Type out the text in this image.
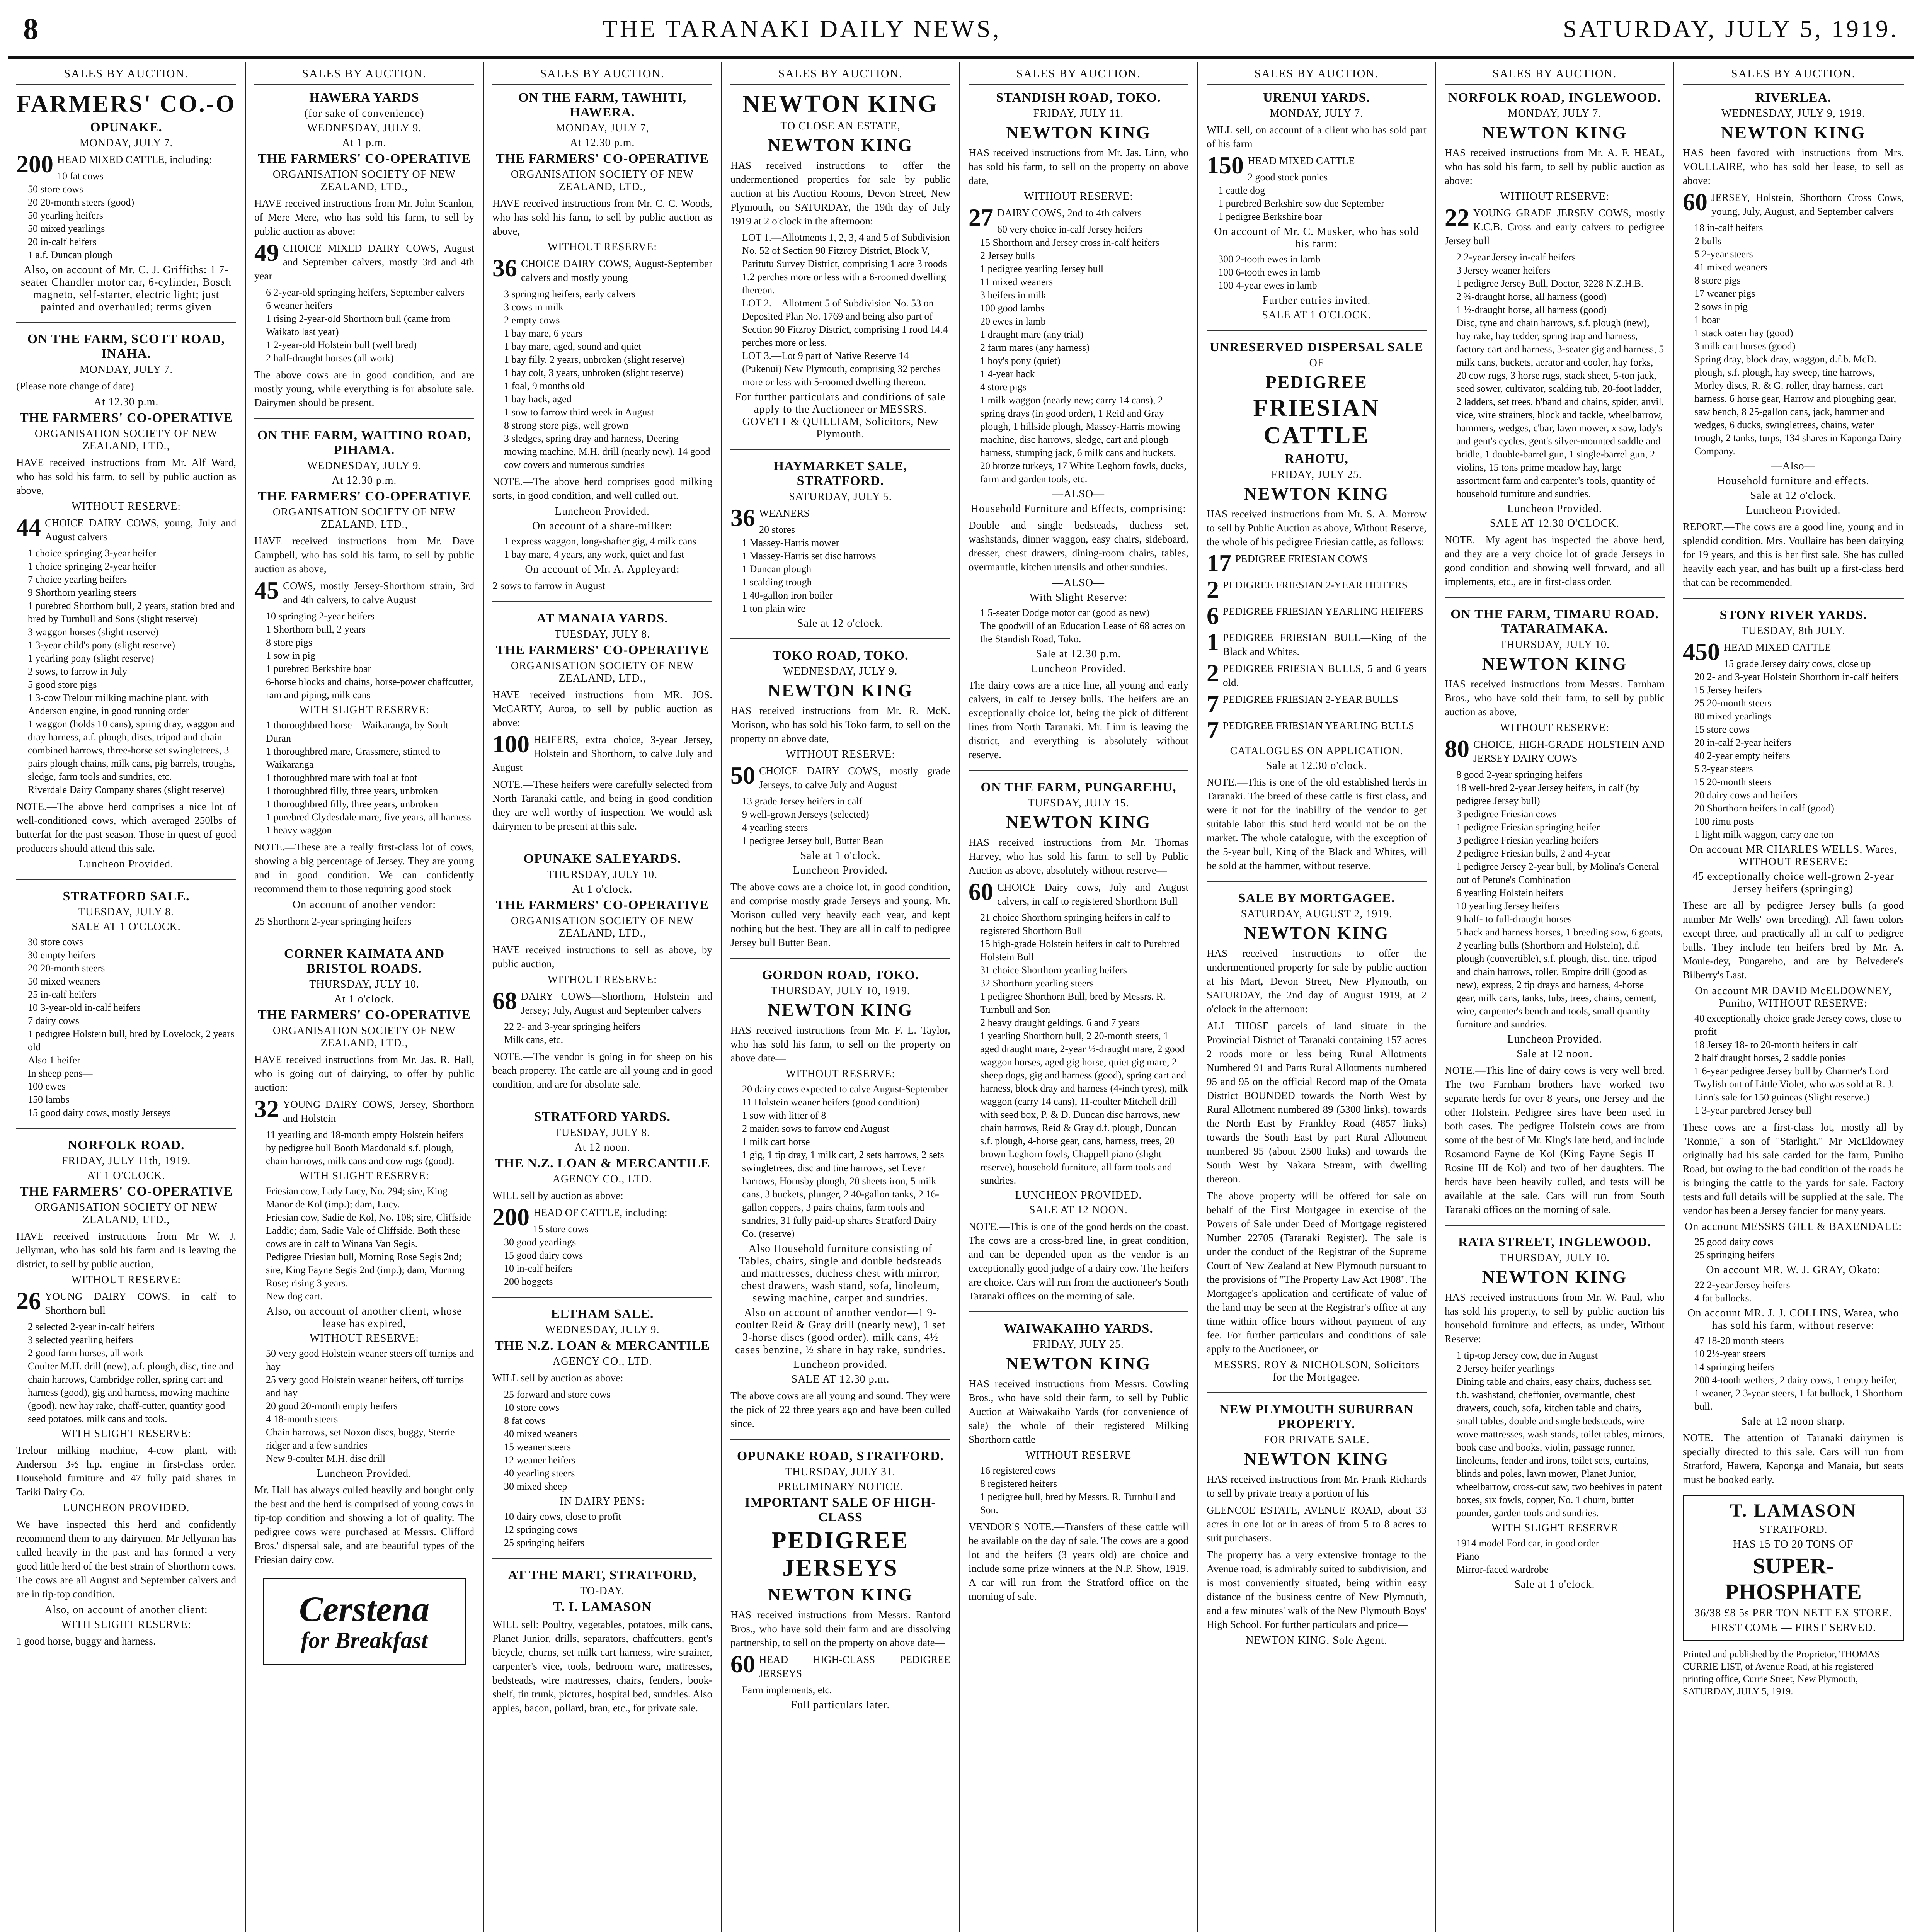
8	THE TARANAKI DAILY NEWS,	SATURDAY, JULY 5, 1919.
SALES BY AUCTION.
FARMERS' CO.-O
OPUNAKE.
MONDAY, JULY 7.
200 HEAD MIXED CATTLE, including:
10 fat cows
50 store cows
20 20-month steers (good)
50 yearling heifers
50 mixed yearlings
20 in-calf heifers
1 a.f. Duncan plough
Also, on account of Mr. C. J. Griffiths: 1 7-seater Chandler motor car, 6-cylinder, Bosch magneto, self-starter, electric light; just painted and overhauled; terms given
ON THE FARM, SCOTT ROAD, INAHA.
MONDAY, JULY 7.
(Please note change of date)
At 12.30 p.m.
THE FARMERS' CO-OPERATIVE
ORGANISATION SOCIETY OF NEW ZEALAND, LTD.,
HAVE received instructions from Mr. Alf Ward, who has sold his farm, to sell by public auction as above,
WITHOUT RESERVE:
44 CHOICE DAIRY COWS, young, July and August calvers
1 choice springing 3-year heifer
1 choice springing 2-year heifer
7 choice yearling heifers
9 Shorthorn yearling steers
1 purebred Shorthorn bull, 2 years, station bred and bred by Turnbull and Sons (slight reserve)
3 waggon horses (slight reserve)
1 3-year child's pony (slight reserve)
1 yearling pony (slight reserve)
2 sows, to farrow in July
5 good store pigs
1 3-cow Trelour milking machine plant, with Anderson engine, in good running order
1 waggon (holds 10 cans), spring dray, waggon and dray harness, a.f. plough, discs, tripod and chain combined harrows, three-horse set swingletrees, 3 pairs plough chains, milk cans, pig barrels, troughs, sledge, farm tools and sundries, etc.
Riverdale Dairy Company shares (slight reserve)
NOTE.—The above herd comprises a nice lot of well-conditioned cows, which averaged 250lbs of butterfat for the past season. Those in quest of good producers should attend this sale.
Luncheon Provided.
STRATFORD SALE.
TUESDAY, JULY 8.
SALE AT 1 O'CLOCK.
30 store cows
30 empty heifers
20 20-month steers
50 mixed weaners
25 in-calf heifers
10 3-year-old in-calf heifers
7 dairy cows
1 pedigree Holstein bull, bred by Lovelock, 2 years old
Also 1 heifer
In sheep pens—
100 ewes
150 lambs
15 good dairy cows, mostly Jerseys
NORFOLK ROAD.
FRIDAY, JULY 11th, 1919.
AT 1 O'CLOCK.
THE FARMERS' CO-OPERATIVE
ORGANISATION SOCIETY OF NEW ZEALAND, LTD.,
HAVE received instructions from Mr W. J. Jellyman, who has sold his farm and is leaving the district, to sell by public auction,
WITHOUT RESERVE:
26 YOUNG DAIRY COWS, in calf to Shorthorn bull
2 selected 2-year in-calf heifers
3 selected yearling heifers
2 good farm horses, all work
Coulter M.H. drill (new), a.f. plough, disc, tine and chain harrows, Cambridge roller, spring cart and harness (good), gig and harness, mowing machine (good), new hay rake, chaff-cutter, quantity good seed potatoes, milk cans and tools.
WITH SLIGHT RESERVE:
Trelour milking machine, 4-cow plant, with Anderson 3½ h.p. engine in first-class order. Household furniture and 47 fully paid shares in Tariki Dairy Co.
LUNCHEON PROVIDED.
We have inspected this herd and confidently recommend them to any dairymen. Mr Jellyman has culled heavily in the past and has formed a very good little herd of the best strain of Shorthorn cows. The cows are all August and September calvers and are in tip-top condition.
Also, on account of another client:
WITH SLIGHT RESERVE:
1 good horse, buggy and harness.
SALES BY AUCTION.
HAWERA YARDS
(for sake of convenience)
WEDNESDAY, JULY 9.
At 1 p.m.
THE FARMERS' CO-OPERATIVE
ORGANISATION SOCIETY OF NEW ZEALAND, LTD.,
HAVE received instructions from Mr. John Scanlon, of Mere Mere, who has sold his farm, to sell by public auction as above:
49 CHOICE MIXED DAIRY COWS, August and September calvers, mostly 3rd and 4th year
6 2-year-old springing heifers, September calvers
6 weaner heifers
1 rising 2-year-old Shorthorn bull (came from Waikato last year)
1 2-year-old Holstein bull (well bred)
2 half-draught horses (all work)
The above cows are in good condition, and are mostly young, while everything is for absolute sale. Dairymen should be present.
ON THE FARM, WAITINO ROAD, PIHAMA.
WEDNESDAY, JULY 9.
At 12.30 p.m.
THE FARMERS' CO-OPERATIVE
ORGANISATION SOCIETY OF NEW ZEALAND, LTD.,
HAVE received instructions from Mr. Dave Campbell, who has sold his farm, to sell by public auction as above,
45 COWS, mostly Jersey-Shorthorn strain, 3rd and 4th calvers, to calve August
10 springing 2-year heifers
1 Shorthorn bull, 2 years
8 store pigs
1 sow in pig
1 purebred Berkshire boar
6-horse blocks and chains, horse-power chaffcutter, ram and piping, milk cans
WITH SLIGHT RESERVE:
1 thoroughbred horse—Waikaranga, by Soult—Duran
1 thoroughbred mare, Grassmere, stinted to Waikaranga
1 thoroughbred mare with foal at foot
1 thoroughbred filly, three years, unbroken
1 thoroughbred filly, three years, unbroken
1 purebred Clydesdale mare, five years, all harness
1 heavy waggon
NOTE.—These are a really first-class lot of cows, showing a big percentage of Jersey. They are young and in good condition. We can confidently recommend them to those requiring good stock
On account of another vendor:
25 Shorthorn 2-year springing heifers
CORNER KAIMATA AND BRISTOL ROADS.
THURSDAY, JULY 10.
At 1 o'clock.
THE FARMERS' CO-OPERATIVE
ORGANISATION SOCIETY OF NEW ZEALAND, LTD.,
HAVE received instructions from Mr. Jas. R. Hall, who is going out of dairying, to offer by public auction:
32 YOUNG DAIRY COWS, Jersey, Shorthorn and Holstein
11 yearling and 18-month empty Holstein heifers by pedigree bull Booth Macdonald s.f. plough, chain harrows, milk cans and cow rugs (good).
WITH SLIGHT RESERVE:
Friesian cow, Lady Lucy, No. 294; sire, King Manor de Kol (imp.); dam, Lucy.
Friesian cow, Sadie de Kol, No. 108; sire, Cliffside Laddie; dam, Sadie Vale of Cliffside. Both these cows are in calf to Winana Van Segis.
Pedigree Friesian bull, Morning Rose Segis 2nd; sire, King Fayne Segis 2nd (imp.); dam, Morning Rose; rising 3 years.
New dog cart.
Also, on account of another client, whose lease has expired,
WITHOUT RESERVE:
50 very good Holstein weaner steers off turnips and hay
25 very good Holstein weaner heifers, off turnips and hay
20 good 20-month empty heifers
4 18-month steers
Chain harrows, set Noxon discs, buggy, Sterrie ridger and a few sundries
New 9-coulter M.H. disc drill
Luncheon Provided.
Mr. Hall has always culled heavily and bought only the best and the herd is comprised of young cows in tip-top condition and showing a lot of quality. The pedigree cows were purchased at Messrs. Clifford Bros.' dispersal sale, and are beautiful types of the Friesian dairy cow.
Cerstena
for Breakfast
SALES BY AUCTION.
ON THE FARM, TAWHITI, HAWERA.
MONDAY, JULY 7,
At 12.30 p.m.
THE FARMERS' CO-OPERATIVE
ORGANISATION SOCIETY OF NEW ZEALAND, LTD.,
HAVE received instructions from Mr. C. C. Woods, who has sold his farm, to sell by public auction as above,
WITHOUT RESERVE:
36 CHOICE DAIRY COWS, August-September calvers and mostly young
3 springing heifers, early calvers
3 cows in milk
2 empty cows
1 bay mare, 6 years
1 bay mare, aged, sound and quiet
1 bay filly, 2 years, unbroken (slight reserve)
1 bay colt, 3 years, unbroken (slight reserve)
1 foal, 9 months old
1 bay hack, aged
1 sow to farrow third week in August
8 strong store pigs, well grown
3 sledges, spring dray and harness, Deering mowing machine, M.H. drill (nearly new), 14 good cow covers and numerous sundries
NOTE.—The above herd comprises good milking sorts, in good condition, and well culled out.
Luncheon Provided.
On account of a share-milker:
1 express waggon, long-shafter gig, 4 milk cans
1 bay mare, 4 years, any work, quiet and fast
On account of Mr. A. Appleyard:
2 sows to farrow in August
AT MANAIA YARDS.
TUESDAY, JULY 8.
THE FARMERS' CO-OPERATIVE
ORGANISATION SOCIETY OF NEW ZEALAND, LTD.,
HAVE received instructions from MR. JOS. McCARTY, Auroa, to sell by public auction as above:
100 HEIFERS, extra choice, 3-year Jersey, Holstein and Shorthorn, to calve July and August
NOTE.—These heifers were carefully selected from North Taranaki cattle, and being in good condition they are well worthy of inspection. We would ask dairymen to be present at this sale.
OPUNAKE SALEYARDS.
THURSDAY, JULY 10.
At 1 o'clock.
THE FARMERS' CO-OPERATIVE
ORGANISATION SOCIETY OF NEW ZEALAND, LTD.,
HAVE received instructions to sell as above, by public auction,
WITHOUT RESERVE:
68 DAIRY COWS—Shorthorn, Holstein and Jersey; July, August and September calvers
22 2- and 3-year springing heifers
Milk cans, etc.
NOTE.—The vendor is going in for sheep on his beach property. The cattle are all young and in good condition, and are for absolute sale.
STRATFORD YARDS.
TUESDAY, JULY 8.
At 12 noon.
THE N.Z. LOAN & MERCANTILE
AGENCY CO., LTD.
WILL sell by auction as above:
200 HEAD OF CATTLE, including:
15 store cows
30 good yearlings
15 good dairy cows
10 in-calf heifers
200 hoggets
ELTHAM SALE.
WEDNESDAY, JULY 9.
THE N.Z. LOAN & MERCANTILE
AGENCY CO., LTD.
WILL sell by auction as above:
25 forward and store cows
10 store cows
8 fat cows
40 mixed weaners
15 weaner steers
12 weaner heifers
40 yearling steers
30 mixed sheep
IN DAIRY PENS:
10 dairy cows, close to profit
12 springing cows
25 springing heifers
AT THE MART, STRATFORD,
TO-DAY.
T. I. LAMASON
WILL sell: Poultry, vegetables, potatoes, milk cans, Planet Junior, drills, separators, chaffcutters, gent's bicycle, churns, set milk cart harness, wire strainer, carpenter's vice, tools, bedroom ware, mattresses, bedsteads, wire mattresses, chairs, fenders, book-shelf, tin trunk, pictures, hospital bed, sundries. Also apples, bacon, pollard, bran, etc., for private sale.
SALES BY AUCTION.
NEWTON KING
TO CLOSE AN ESTATE,
NEWTON KING
HAS received instructions to offer the undermentioned properties for sale by public auction at his Auction Rooms, Devon Street, New Plymouth, on SATURDAY, the 19th day of July 1919 at 2 o'clock in the afternoon:
LOT 1.—Allotments 1, 2, 3, 4 and 5 of Subdivision No. 52 of Section 90 Fitzroy District, Block V, Paritutu Survey District, comprising 1 acre 3 roods 1.2 perches more or less with a 6-roomed dwelling thereon.
LOT 2.—Allotment 5 of Subdivision No. 53 on Deposited Plan No. 1769 and being also part of Section 90 Fitzroy District, comprising 1 rood 14.4 perches more or less.
LOT 3.—Lot 9 part of Native Reserve 14 (Pukenui) New Plymouth, comprising 32 perches more or less with 5-roomed dwelling thereon.
For further particulars and conditions of sale apply to the Auctioneer or MESSRS. GOVETT & QUILLIAM, Solicitors, New Plymouth.
HAYMARKET SALE, STRATFORD.
SATURDAY, JULY 5.
36 WEANERS
20 stores
1 Massey-Harris mower
1 Massey-Harris set disc harrows
1 Duncan plough
1 scalding trough
1 40-gallon iron boiler
1 ton plain wire
Sale at 12 o'clock.
TOKO ROAD, TOKO.
WEDNESDAY, JULY 9.
NEWTON KING
HAS received instructions from Mr. R. McK. Morison, who has sold his Toko farm, to sell on the property on above date,
WITHOUT RESERVE:
50 CHOICE DAIRY COWS, mostly grade Jerseys, to calve July and August
13 grade Jersey heifers in calf
9 well-grown Jerseys (selected)
4 yearling steers
1 pedigree Jersey bull, Butter Bean
Sale at 1 o'clock.
Luncheon Provided.
The above cows are a choice lot, in good condition, and comprise mostly grade Jerseys and young. Mr. Morison culled very heavily each year, and kept nothing but the best. They are all in calf to pedigree Jersey bull Butter Bean.
GORDON ROAD, TOKO.
THURSDAY, JULY 10, 1919.
NEWTON KING
HAS received instructions from Mr. F. L. Taylor, who has sold his farm, to sell on the property on above date—
WITHOUT RESERVE:
20 dairy cows expected to calve August-September
11 Holstein weaner heifers (good condition)
1 sow with litter of 8
2 maiden sows to farrow end August
1 milk cart horse
1 gig, 1 tip dray, 1 milk cart, 2 sets harrows, 2 sets swingletrees, disc and tine harrows, set Lever harrows, Hornsby plough, 20 sheets iron, 5 milk cans, 3 buckets, plunger, 2 40-gallon tanks, 2 16-gallon coppers, 3 pairs chains, farm tools and sundries, 31 fully paid-up shares Stratford Dairy Co. (reserve)
Also Household furniture consisting of Tables, chairs, single and double bedsteads and mattresses, duchess chest with mirror, chest drawers, wash stand, sofa, linoleum, sewing machine, carpet and sundries.
Also on account of another vendor—1 9-coulter Reid & Gray drill (nearly new), 1 set 3-horse discs (good order), milk cans, 4½ cases benzine, ½ share in hay rake, sundries.
Luncheon provided.
SALE AT 12.30 p.m.
The above cows are all young and sound. They were the pick of 22 three years ago and have been culled since.
OPUNAKE ROAD, STRATFORD.
THURSDAY, JULY 31.
PRELIMINARY NOTICE.
IMPORTANT SALE OF HIGH-CLASS
PEDIGREE JERSEYS
NEWTON KING
HAS received instructions from Messrs. Ranford Bros., who have sold their farm and are dissolving partnership, to sell on the property on above date—
60 HEAD HIGH-CLASS PEDIGREE JERSEYS
Farm implements, etc.
Full particulars later.
SALES BY AUCTION.
STANDISH ROAD, TOKO.
FRIDAY, JULY 11.
NEWTON KING
HAS received instructions from Mr. Jas. Linn, who has sold his farm, to sell on the property on above date,
WITHOUT RESERVE:
27 DAIRY COWS, 2nd to 4th calvers
60 very choice in-calf Jersey heifers
15 Shorthorn and Jersey cross in-calf heifers
2 Jersey bulls
1 pedigree yearling Jersey bull
11 mixed weaners
3 heifers in milk
100 good lambs
20 ewes in lamb
1 draught mare (any trial)
2 farm mares (any harness)
1 boy's pony (quiet)
1 4-year hack
4 store pigs
1 milk waggon (nearly new; carry 14 cans), 2 spring drays (in good order), 1 Reid and Gray plough, 1 hillside plough, Massey-Harris mowing machine, disc harrows, sledge, cart and plough harness, stumping jack, 6 milk cans and buckets, 20 bronze turkeys, 17 White Leghorn fowls, ducks, farm and garden tools, etc.
—ALSO—
Household Furniture and Effects, comprising:
Double and single bedsteads, duchess set, washstands, dinner waggon, easy chairs, sideboard, dresser, chest drawers, dining-room chairs, tables, overmantle, kitchen utensils and other sundries.
—ALSO—
With Slight Reserve:
1 5-seater Dodge motor car (good as new)
The goodwill of an Education Lease of 68 acres on the Standish Road, Toko.
Sale at 12.30 p.m.
Luncheon Provided.
The dairy cows are a nice line, all young and early calvers, in calf to Jersey bulls. The heifers are an exceptionally choice lot, being the pick of different lines from North Taranaki. Mr. Linn is leaving the district, and everything is absolutely without reserve.
ON THE FARM, PUNGAREHU,
TUESDAY, JULY 15.
NEWTON KING
HAS received instructions from Mr. Thomas Harvey, who has sold his farm, to sell by Public Auction as above, absolutely without reserve—
60 CHOICE Dairy cows, July and August calvers, in calf to registered Shorthorn Bull
21 choice Shorthorn springing heifers in calf to registered Shorthorn Bull
15 high-grade Holstein heifers in calf to Purebred Holstein Bull
31 choice Shorthorn yearling heifers
32 Shorthorn yearling steers
1 pedigree Shorthorn Bull, bred by Messrs. R. Turnbull and Son
2 heavy draught geldings, 6 and 7 years
1 yearling Shorthorn bull, 2 20-month steers, 1 aged draught mare, 2-year ½-draught mare, 2 good waggon horses, aged gig horse, quiet gig mare, 2 sheep dogs, gig and harness (good), spring cart and harness, block dray and harness (4-inch tyres), milk waggon (carry 14 cans), 11-coulter Mitchell drill with seed box, P. & D. Duncan disc harrows, new chain harrows, Reid & Gray d.f. plough, Duncan s.f. plough, 4-horse gear, cans, harness, trees, 20 brown Leghorn fowls, Chappell piano (slight reserve), household furniture, all farm tools and sundries.
LUNCHEON PROVIDED.
SALE AT 12 NOON.
NOTE.—This is one of the good herds on the coast. The cows are a cross-bred line, in great condition, and can be depended upon as the vendor is an exceptionally good judge of a dairy cow. The heifers are choice. Cars will run from the auctioneer's South Taranaki offices on the morning of sale.
WAIWAKAIHO YARDS.
FRIDAY, JULY 25.
NEWTON KING
HAS received instructions from Messrs. Cowling Bros., who have sold their farm, to sell by Public Auction at Waiwakaiho Yards (for convenience of sale) the whole of their registered Milking Shorthorn cattle
WITHOUT RESERVE
16 registered cows
8 registered heifers
1 pedigree bull, bred by Messrs. R. Turnbull and Son.
VENDOR'S NOTE.—Transfers of these cattle will be available on the day of sale. The cows are a good lot and the heifers (3 years old) are choice and include some prize winners at the N.P. Show, 1919. A car will run from the Stratford office on the morning of sale.
SALES BY AUCTION.
URENUI YARDS.
MONDAY, JULY 7.
WILL sell, on account of a client who has sold part of his farm—
150 HEAD MIXED CATTLE
2 good stock ponies
1 cattle dog
1 purebred Berkshire sow due September
1 pedigree Berkshire boar
On account of Mr. C. Musker, who has sold his farm:
300 2-tooth ewes in lamb
100 6-tooth ewes in lamb
100 4-year ewes in lamb
Further entries invited.
SALE AT 1 O'CLOCK.
UNRESERVED DISPERSAL SALE
OF
PEDIGREE
FRIESIAN CATTLE
RAHOTU,
FRIDAY, JULY 25.
NEWTON KING
HAS received instructions from Mr. S. A. Morrow to sell by Public Auction as above, Without Reserve, the whole of his pedigree Friesian cattle, as follows:
17 PEDIGREE FRIESIAN COWS
2 PEDIGREE FRIESIAN 2-YEAR HEIFERS
6 PEDIGREE FRIESIAN YEARLING HEIFERS
1 PEDIGREE FRIESIAN BULL—King of the Black and Whites.
2 PEDIGREE FRIESIAN BULLS, 5 and 6 years old.
7 PEDIGREE FRIESIAN 2-YEAR BULLS
7 PEDIGREE FRIESIAN YEARLING BULLS
CATALOGUES ON APPLICATION.
Sale at 12.30 o'clock.
NOTE.—This is one of the old established herds in Taranaki. The breed of these cattle is first class, and were it not for the inability of the vendor to get suitable labor this stud herd would not be on the market. The whole catalogue, with the exception of the 5-year bull, King of the Black and Whites, will be sold at the hammer, without reserve.
SALE BY MORTGAGEE.
SATURDAY, AUGUST 2, 1919.
NEWTON KING
HAS received instructions to offer the undermentioned property for sale by public auction at his Mart, Devon Street, New Plymouth, on SATURDAY, the 2nd day of August 1919, at 2 o'clock in the afternoon:
ALL THOSE parcels of land situate in the Provincial District of Taranaki containing 157 acres 2 roods more or less being Rural Allotments Numbered 91 and Parts Rural Allotments numbered 95 and 95 on the official Record map of the Omata District BOUNDED towards the North West by Rural Allotment numbered 89 (5300 links), towards the North East by Frankley Road (4857 links) towards the South East by part Rural Allotment numbered 95 (about 2500 links) and towards the South West by Nakara Stream, with dwelling thereon.
The above property will be offered for sale on behalf of the First Mortgagee in exercise of the Powers of Sale under Deed of Mortgage registered Number 22705 (Taranaki Register). The sale is under the conduct of the Registrar of the Supreme Court of New Zealand at New Plymouth pursuant to the provisions of "The Property Law Act 1908". The Mortgagee's application and certificate of value of the land may be seen at the Registrar's office at any time within office hours without payment of any fee. For further particulars and conditions of sale apply to the Auctioneer, or—
MESSRS. ROY & NICHOLSON, Solicitors for the Mortgagee.
NEW PLYMOUTH SUBURBAN PROPERTY.
FOR PRIVATE SALE.
NEWTON KING
HAS received instructions from Mr. Frank Richards to sell by private treaty a portion of his
GLENCOE ESTATE, AVENUE ROAD, about 33 acres in one lot or in areas of from 5 to 8 acres to suit purchasers.
The property has a very extensive frontage to the Avenue road, is admirably suited to subdivision, and is most conveniently situated, being within easy distance of the business centre of New Plymouth, and a few minutes' walk of the New Plymouth Boys' High School. For further particulars and price—
NEWTON KING, Sole Agent.
SALES BY AUCTION.
NORFOLK ROAD, INGLEWOOD.
MONDAY, JULY 7.
NEWTON KING
HAS received instructions from Mr. A. F. HEAL, who has sold his farm, to sell by public auction as above:
WITHOUT RESERVE:
22 YOUNG GRADE JERSEY COWS, mostly K.C.B. Cross and early calvers to pedigree Jersey bull
2 2-year Jersey in-calf heifers
3 Jersey weaner heifers
1 pedigree Jersey Bull, Doctor, 3228 N.Z.H.B.
2 ¾-draught horse, all harness (good)
1 ½-draught horse, all harness (good)
Disc, tyne and chain harrows, s.f. plough (new), hay rake, hay tedder, spring trap and harness, factory cart and harness, 3-seater gig and harness, 5 milk cans, buckets, aerator and cooler, hay forks, 20 cow rugs, 3 horse rugs, stack sheet, 5-ton jack, seed sower, cultivator, scalding tub, 20-foot ladder, 2 ladders, set trees, b'band and chains, spider, anvil, vice, wire strainers, block and tackle, wheelbarrow, hammers, wedges, c'bar, lawn mower, x saw, lady's and gent's cycles, gent's silver-mounted saddle and bridle, 1 double-barrel gun, 1 single-barrel gun, 2 violins, 15 tons prime meadow hay, large assortment farm and carpenter's tools, quantity of household furniture and sundries.
Luncheon Provided.
SALE AT 12.30 O'CLOCK.
NOTE.—My agent has inspected the above herd, and they are a very choice lot of grade Jerseys in good condition and showing well forward, and all implements, etc., are in first-class order.
ON THE FARM, TIMARU ROAD. TATARAIMAKA.
THURSDAY, JULY 10.
NEWTON KING
HAS received instructions from Messrs. Farnham Bros., who have sold their farm, to sell by public auction as above,
WITHOUT RESERVE:
80 CHOICE, HIGH-GRADE HOLSTEIN AND JERSEY DAIRY COWS
8 good 2-year springing heifers
18 well-bred 2-year Jersey heifers, in calf (by pedigree Jersey bull)
3 pedigree Friesian cows
1 pedigree Friesian springing heifer
3 pedigree Friesian yearling heifers
2 pedigree Friesian bulls, 2 and 4-year
1 pedigree Jersey 2-year bull, by Molina's General out of Petune's Combination
6 yearling Holstein heifers
10 yearling Jersey heifers
9 half- to full-draught horses
5 hack and harness horses, 1 breeding sow, 6 goats, 2 yearling bulls (Shorthorn and Holstein), d.f. plough (convertible), s.f. plough, disc, tine, tripod and chain harrows, roller, Empire drill (good as new), express, 2 tip drays and harness, 4-horse gear, milk cans, tanks, tubs, trees, chains, cement, wire, carpenter's bench and tools, small quantity furniture and sundries.
Luncheon Provided.
Sale at 12 noon.
NOTE.—This line of dairy cows is very well bred. The two Farnham brothers have worked two separate herds for over 8 years, one Jersey and the other Holstein. Pedigree sires have been used in both cases. The pedigree Holstein cows are from some of the best of Mr. King's late herd, and include Rosamond Fayne de Kol (King Fayne Segis II—Rosine III de Kol) and two of her daughters. The herds have been heavily culled, and tests will be available at the sale. Cars will run from South Taranaki offices on the morning of sale.
RATA STREET, INGLEWOOD.
THURSDAY, JULY 10.
NEWTON KING
HAS received instructions from Mr. W. Paul, who has sold his property, to sell by public auction his household furniture and effects, as under, Without Reserve:
1 tip-top Jersey cow, due in August
2 Jersey heifer yearlings
Dining table and chairs, easy chairs, duchess set, t.b. washstand, cheffonier, overmantle, chest drawers, couch, sofa, kitchen table and chairs, small tables, double and single bedsteads, wire wove mattresses, wash stands, toilet tables, mirrors, book case and books, violin, passage runner, linoleums, fender and irons, toilet sets, curtains, blinds and poles, lawn mower, Planet Junior, wheelbarrow, cross-cut saw, two beehives in patent boxes, six fowls, copper, No. 1 churn, butter pounder, garden tools and sundries.
WITH SLIGHT RESERVE
1914 model Ford car, in good order
Piano
Mirror-faced wardrobe
Sale at 1 o'clock.
SALES BY AUCTION.
RIVERLEA.
WEDNESDAY, JULY 9, 1919.
NEWTON KING
HAS been favored with instructions from Mrs. VOULLAIRE, who has sold her lease, to sell as above:
60 JERSEY, Holstein, Shorthorn Cross Cows, young, July, August, and September calvers
18 in-calf heifers
2 bulls
5 2-year steers
41 mixed weaners
8 store pigs
17 weaner pigs
2 sows in pig
1 boar
1 stack oaten hay (good)
3 milk cart horses (good)
Spring dray, block dray, waggon, d.f.b. McD. plough, s.f. plough, hay sweep, tine harrows, Morley discs, R. & G. roller, dray harness, cart harness, 6 horse gear, Harrow and ploughing gear, saw bench, 8 25-gallon cans, jack, hammer and wedges, 6 ducks, swingletrees, chains, water trough, 2 tanks, turps, 134 shares in Kaponga Dairy Company.
—Also—
Household furniture and effects.
Sale at 12 o'clock.
Luncheon Provided.
REPORT.—The cows are a good line, young and in splendid condition. Mrs. Voullaire has been dairying for 19 years, and this is her first sale. She has culled heavily each year, and has built up a first-class herd that can be recommended.
STONY RIVER YARDS.
TUESDAY, 8th JULY.
450 HEAD MIXED CATTLE
15 grade Jersey dairy cows, close up
20 2- and 3-year Holstein Shorthorn in-calf heifers
15 Jersey heifers
25 20-month steers
80 mixed yearlings
15 store cows
20 in-calf 2-year heifers
40 2-year empty heifers
5 3-year steers
15 20-month steers
20 dairy cows and heifers
20 Shorthorn heifers in calf (good)
100 rimu posts
1 light milk waggon, carry one ton
On account MR CHARLES WELLS, Wares, WITHOUT RESERVE:
45 exceptionally choice well-grown 2-year Jersey heifers (springing)
These are all by pedigree Jersey bulls (a good number Mr Wells' own breeding). All fawn colors except three, and practically all in calf to pedigree bulls. They include ten heifers bred by Mr. A. Moule-dey, Pungareho, and are by Belvedere's Bilberry's Last.
On account MR DAVID McELDOWNEY, Puniho, WITHOUT RESERVE:
40 exceptionally choice grade Jersey cows, close to profit
18 Jersey 18- to 20-month heifers in calf
2 half draught horses, 2 saddle ponies
1 6-year pedigree Jersey bull by Charmer's Lord Twylish out of Little Violet, who was sold at R. J. Linn's sale for 150 guineas (Slight reserve.)
1 3-year purebred Jersey bull
These cows are a first-class lot, mostly all by "Ronnie," a son of "Starlight." Mr McEldowney originally had his sale carded for the farm, Puniho Road, but owing to the bad condition of the roads he is bringing the cattle to the yards for sale. Factory tests and full details will be supplied at the sale. The vendor has been a Jersey fancier for many years.
On account MESSRS GILL & BAXENDALE:
25 good dairy cows
25 springing heifers
On account MR. W. J. GRAY, Okato:
22 2-year Jersey heifers
4 fat bullocks.
On account MR. J. J. COLLINS, Warea, who has sold his farm, without reserve:
47 18-20 month steers
10 2½-year steers
14 springing heifers
200 4-tooth wethers, 2 dairy cows, 1 empty heifer, 1 weaner, 2 3-year steers, 1 fat bullock, 1 Shorthorn bull.
Sale at 12 noon sharp.
NOTE.—The attention of Taranaki dairymen is specially directed to this sale. Cars will run from Stratford, Hawera, Kaponga and Manaia, but seats must be booked early.
T. LAMASON
STRATFORD.
HAS 15 TO 20 TONS OF
SUPER-
PHOSPHATE
36/38 £8 5s PER TON NETT EX STORE.
FIRST COME — FIRST SERVED.
Printed and published by the Proprietor, THOMAS CURRIE LIST, of Avenue Road, at his registered printing office, Currie Street, New Plymouth, SATURDAY, JULY 5, 1919.
